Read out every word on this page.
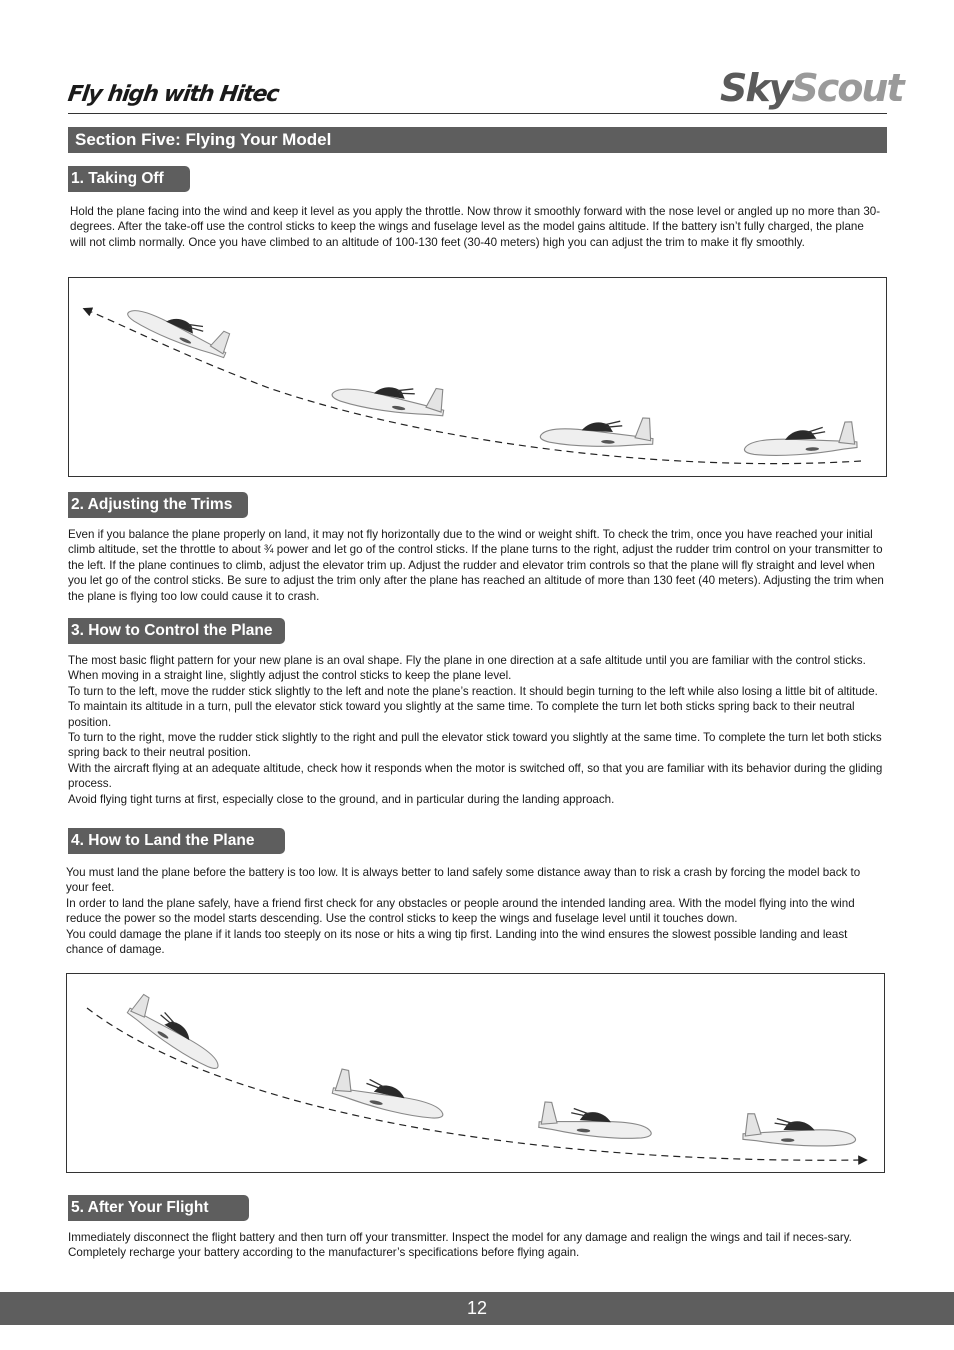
Fly high with Hitec	SkyScout
Section Five: Flying Your Model
1. Taking Off

Hold the plane facing into the wind and keep it level as you apply the throttle. Now throw it smoothly forward with the nose level or angled up no more than 30-degrees. After the take-off use the control sticks to keep the wings and fuselage level as the model gains altitude. If the battery isn’t fully charged, the plane will not climb normally. Once you have climbed to an altitude of 100-130 feet (30-40 meters) high you can adjust the trim to make it fly smoothly.

2. Adjusting the Trims

Even if you balance the plane properly on land, it may not fly horizontally due to the wind or weight shift. To check the trim, once you have reached your initial climb altitude, set the throttle to about ¾ power and let go of the control sticks. If the plane turns to the right, adjust the rudder trim control on your transmitter to the left. If the plane continues to climb, adjust the elevator trim up. Adjust the rudder and elevator trim controls so that the plane will fly straight and level when you let go of the control sticks. Be sure to adjust the trim only after the plane has reached an altitude of more than 130 feet (40 meters). Adjusting the trim when the plane is flying too low could cause it to crash.

3. How to Control the Plane

The most basic flight pattern for your new plane is an oval shape. Fly the plane in one direction at a safe altitude until you are familiar with the control sticks. When moving in a straight line, slightly adjust the control sticks to keep the plane level.

To turn to the left, move the rudder stick slightly to the left and note the plane’s reaction. It should begin turning to the left while also losing a little bit of altitude. To maintain its altitude in a turn, pull the elevator stick toward you slightly at the same time. To complete the turn let both sticks spring back to their neutral position.

To turn to the right, move the rudder stick slightly to the right and pull the elevator stick toward you slightly at the same time. To complete the turn let both sticks spring back to their neutral position.

With the aircraft flying at an adequate altitude, check how it responds when the motor is switched off, so that you are familiar with its behavior during the gliding process.

Avoid flying tight turns at first, especially close to the ground, and in particular during the landing approach.

4. How to Land the Plane

You must land the plane before the battery is too low. It is always better to land safely some distance away than to risk a crash by forcing the model back to your feet.

In order to land the plane safely, have a friend first check for any obstacles or people around the intended landing area. With the model flying into the wind reduce the power so the model starts descending. Use the control sticks to keep the wings and fuselage level until it touches down.

You could damage the plane if it lands too steeply on its nose or hits a wing tip first. Landing into the wind ensures the slowest possible landing and least chance of damage.

5. After Your Flight

Immediately disconnect the flight battery and then turn off your transmitter. Inspect the model for any damage and realign the wings and tail if neces-sary. Completely recharge your battery according to the manufacturer’s specifications before flying again.

12
